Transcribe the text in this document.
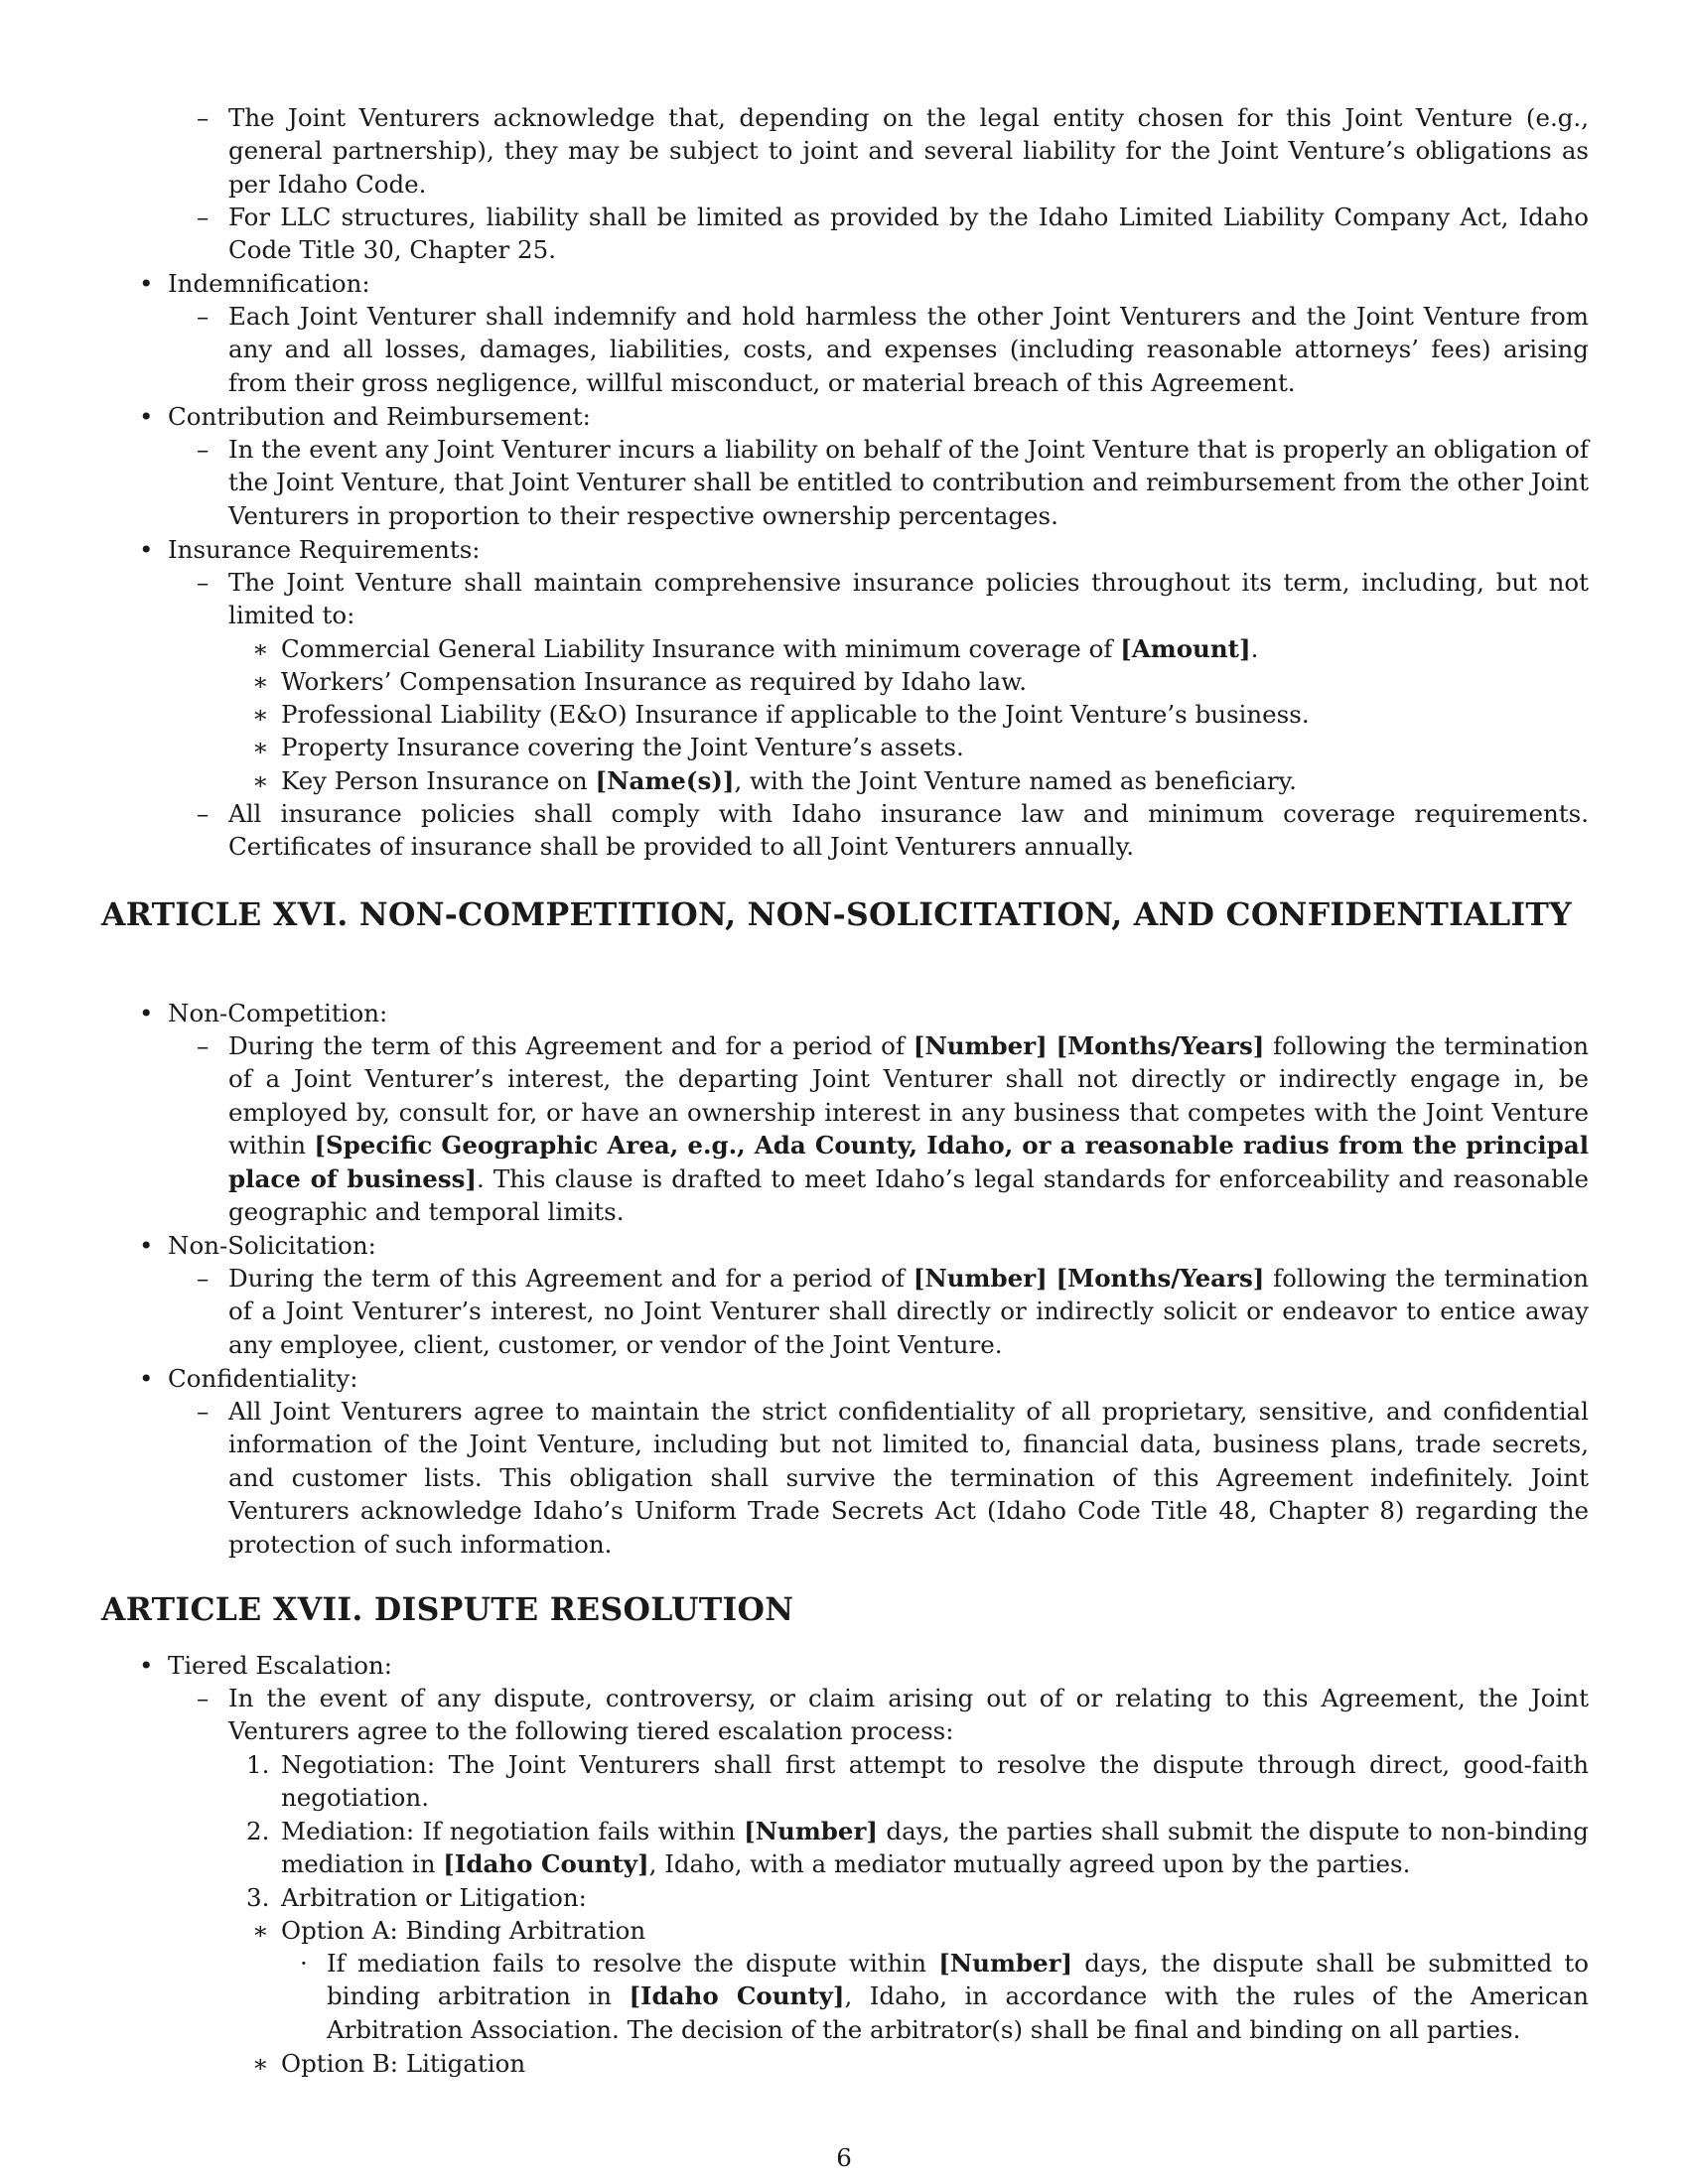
– The Joint Venturers acknowledge that, depending on the legal entity chosen for this Joint Venture (e.g., general partnership), they may be subject to joint and several liability for the Joint Venture’s obligations as per Idaho Code.
– For LLC structures, liability shall be limited as provided by the Idaho Limited Liability Company Act, Idaho Code Title 30, Chapter 25.
• Indemnification:
– Each Joint Venturer shall indemnify and hold harmless the other Joint Venturers and the Joint Venture from any and all losses, damages, liabilities, costs, and expenses (including reasonable attorneys’ fees) arising from their gross negligence, willful misconduct, or material breach of this Agreement.
• Contribution and Reimbursement:
– In the event any Joint Venturer incurs a liability on behalf of the Joint Venture that is properly an obligation of the Joint Venture, that Joint Venturer shall be entitled to contribution and reimbursement from the other Joint Venturers in proportion to their respective ownership percentages.
• Insurance Requirements:
– The Joint Venture shall maintain comprehensive insurance policies throughout its term, including, but not limited to:
∗ Commercial General Liability Insurance with minimum coverage of [Amount].
∗ Workers’ Compensation Insurance as required by Idaho law.
∗ Professional Liability (E&O) Insurance if applicable to the Joint Venture’s business.
∗ Property Insurance covering the Joint Venture’s assets.
∗ Key Person Insurance on [Name(s)], with the Joint Venture named as beneficiary.
– All insurance policies shall comply with Idaho insurance law and minimum coverage requirements. Certificates of insurance shall be provided to all Joint Venturers annually.
ARTICLE XVI. NON-COMPETITION, NON-SOLICITATION, AND CONFIDENTIALITY
• Non-Competition:
– During the term of this Agreement and for a period of [Number] [Months/Years] following the termination of a Joint Venturer’s interest, the departing Joint Venturer shall not directly or indirectly engage in, be employed by, consult for, or have an ownership interest in any business that competes with the Joint Venture within [Specific Geographic Area, e.g., Ada County, Idaho, or a reasonable radius from the principal place of business]. This clause is drafted to meet Idaho’s legal standards for enforceability and reasonable geographic and temporal limits.
• Non-Solicitation:
– During the term of this Agreement and for a period of [Number] [Months/Years] following the termination of a Joint Venturer’s interest, no Joint Venturer shall directly or indirectly solicit or endeavor to entice away any employee, client, customer, or vendor of the Joint Venture.
• Confidentiality:
– All Joint Venturers agree to maintain the strict confidentiality of all proprietary, sensitive, and confidential information of the Joint Venture, including but not limited to, financial data, business plans, trade secrets, and customer lists. This obligation shall survive the termination of this Agreement indefinitely. Joint Venturers acknowledge Idaho’s Uniform Trade Secrets Act (Idaho Code Title 48, Chapter 8) regarding the protection of such information.
ARTICLE XVII. DISPUTE RESOLUTION
• Tiered Escalation:
– In the event of any dispute, controversy, or claim arising out of or relating to this Agreement, the Joint Venturers agree to the following tiered escalation process:
1. Negotiation: The Joint Venturers shall first attempt to resolve the dispute through direct, good-faith negotiation.
2. Mediation: If negotiation fails within [Number] days, the parties shall submit the dispute to non-binding mediation in [Idaho County], Idaho, with a mediator mutually agreed upon by the parties.
3. Arbitration or Litigation:
∗ Option A: Binding Arbitration
· If mediation fails to resolve the dispute within [Number] days, the dispute shall be submitted to binding arbitration in [Idaho County], Idaho, in accordance with the rules of the American Arbitration Association. The decision of the arbitrator(s) shall be final and binding on all parties.
∗ Option B: Litigation
6
